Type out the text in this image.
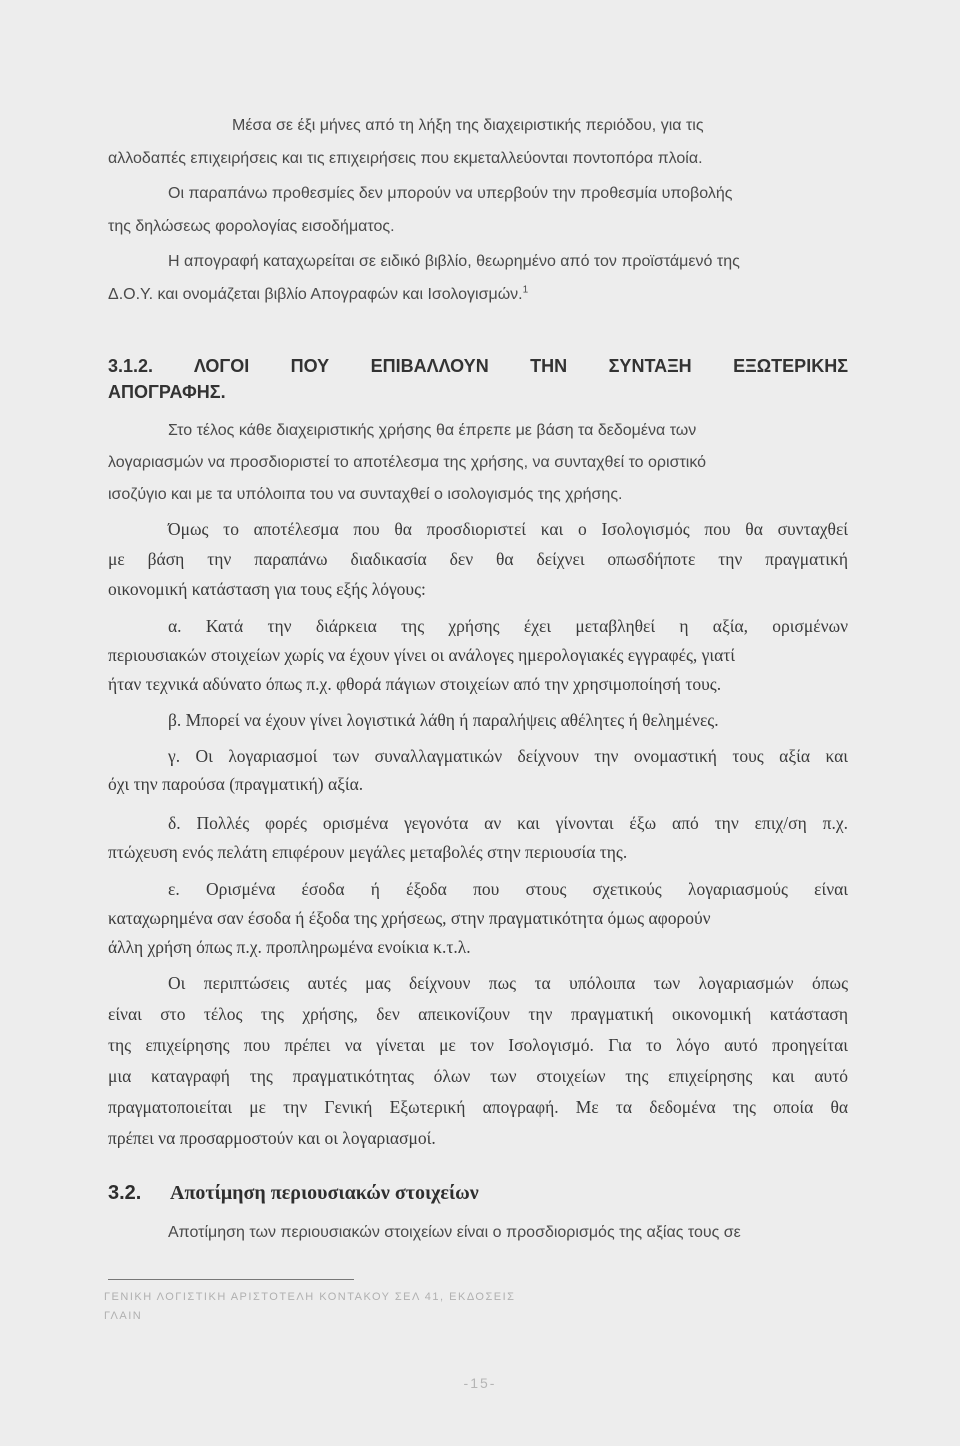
Μέσα σε έξι μήνες από τη λήξη της διαχειριστικής περιόδου, για τις
αλλοδαπές επιχειρήσεις και τις επιχειρήσεις που εκμεταλλεύονται ποντοπόρα πλοία.
Οι παραπάνω προθεσμίες δεν μπορούν να υπερβούν την προθεσμία υποβολής
της δηλώσεως φορολογίας εισοδήματος.
Η απογραφή καταχωρείται σε ειδικό βιβλίο, θεωρημένο από τον προϊστάμενό της
Δ.Ο.Υ. και ονομάζεται βιβλίο Απογραφών και Ισολογισμών.$^1$
3.1.2. ΛΟΓΟΙ ΠΟΥ ΕΠΙΒΑΛΛΟΥΝ ΤΗΝ ΣΥΝΤΑΞΗ ΕΞΩΤΕΡΙΚΗΣ
ΑΠΟΓΡΑΦΗΣ.
Στο τέλος κάθε διαχειριστικής χρήσης θα έπρεπε με βάση τα δεδομένα των
λογαριασμών να προσδιοριστεί το αποτέλεσμα της χρήσης, να συνταχθεί το οριστικό
ισοζύγιο και με τα υπόλοιπα του να συνταχθεί ο ισολογισμός της χρήσης.
Όμως το αποτέλεσμα που θα προσδιοριστεί και ο Ισολογισμός που θα συνταχθεί
με βάση την παραπάνω διαδικασία δεν θα δείχνει οπωσδήποτε την πραγματική
οικονομική κατάσταση για τους εξής λόγους:
α. Κατά την διάρκεια της χρήσης έχει μεταβληθεί η αξία, ορισμένων
περιουσιακών στοιχείων χωρίς να έχουν γίνει οι ανάλογες ημερολογιακές εγγραφές, γιατί
ήταν τεχνικά αδύνατο όπως π.χ. φθορά πάγιων στοιχείων από την χρησιμοποίησή τους.
β. Μπορεί να έχουν γίνει λογιστικά λάθη ή παραλήψεις αθέλητες ή θελημένες.
γ. Οι λογαριασμοί των συναλλαγματικών δείχνουν την ονομαστική τους αξία και
όχι την παρούσα (πραγματική) αξία.
δ. Πολλές φορές ορισμένα γεγονότα αν και γίνονται έξω από την επιχ/ση π.χ.
πτώχευση ενός πελάτη επιφέρουν μεγάλες μεταβολές στην περιουσία της.
ε. Ορισμένα έσοδα ή έξοδα που στους σχετικούς λογαριασμούς είναι
καταχωρημένα σαν έσοδα ή έξοδα της χρήσεως, στην πραγματικότητα όμως αφορούν
άλλη χρήση όπως π.χ. προπληρωμένα ενοίκια κ.τ.λ.
Οι περιπτώσεις αυτές μας δείχνουν πως τα υπόλοιπα των λογαριασμών όπως
είναι στο τέλος της χρήσης, δεν απεικονίζουν την πραγματική οικονομική κατάσταση
της επιχείρησης που πρέπει να γίνεται με τον Ισολογισμό. Για το λόγο αυτό προηγείται
μια καταγραφή της πραγματικότητας όλων των στοιχείων της επιχείρησης και αυτό
πραγματοποιείται με την Γενική Εξωτερική απογραφή. Με τα δεδομένα της οποία θα
πρέπει να προσαρμοστούν και οι λογαριασμοί.
3.2. Αποτίμηση περιουσιακών στοιχείων
Αποτίμηση των περιουσιακών στοιχείων είναι ο προσδιορισμός της αξίας τους σε
ΓΕΝΙΚΗ ΛΟΓΙΣΤΙΚΗ ΑΡΙΣΤΟΤΕΛΗ ΚΟΝΤΑΚΟΥ ΣΕΛ 41, ΕΚΔΟΣΕΙΣ
ΓΛΑΙΝ
-15-
